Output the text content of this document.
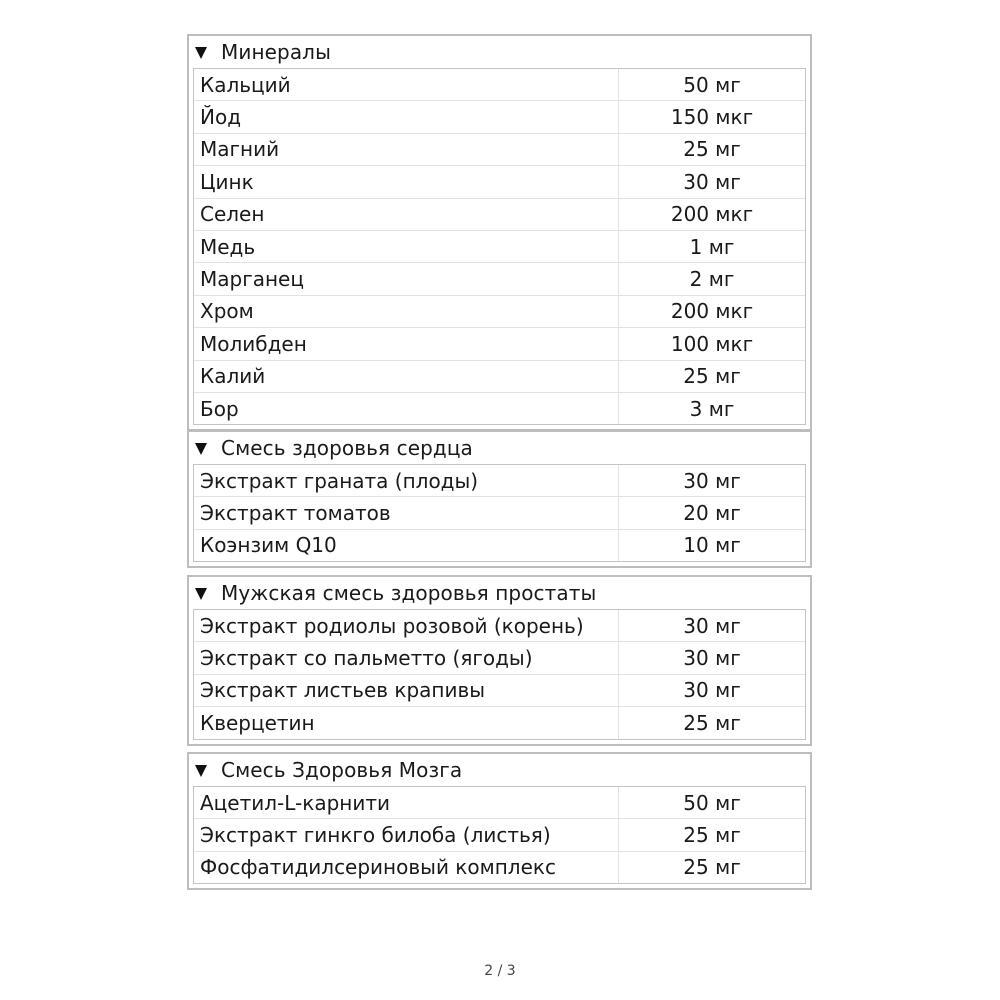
Минералы
Кальций	50 мг
Йод	150 мкг
Магний	25 мг
Цинк	30 мг
Селен	200 мкг
Медь	1 мг
Марганец	2 мг
Хром	200 мкг
Молибден	100 мкг
Калий	25 мг
Бор	3 мг
Смесь здоровья сердца
Экстракт граната (плоды)	30 мг
Экстракт томатов	20 мг
Коэнзим Q10	10 мг
Мужская смесь здоровья простаты
Экстракт родиолы розовой (корень)	30 мг
Экстракт со пальметто (ягоды)	30 мг
Экстракт листьев крапивы	30 мг
Кверцетин	25 мг
Смесь Здоровья Мозга
Ацетил-L-карнити	50 мг
Экстракт гинкго билоба (листья)	25 мг
Фосфатидилсериновый комплекс	25 мг
2 / 3
